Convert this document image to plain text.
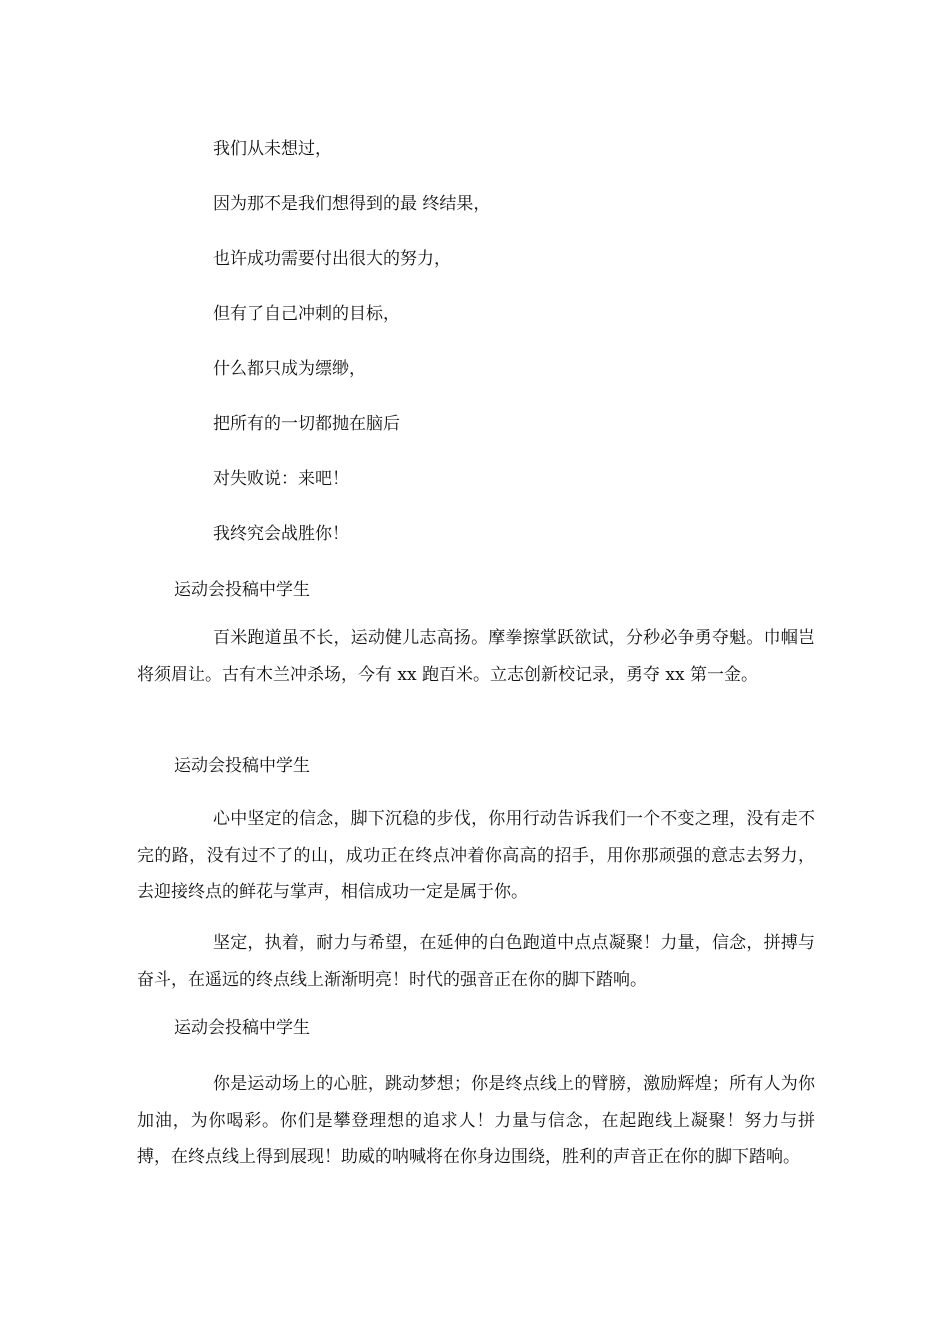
我们从未想过，
因为那不是我们想得到的最 终结果，
也许成功需要付出很大的努力，
但有了自己冲刺的目标，
什么都只成为缥缈，
把所有的一切都抛在脑后
对失败说：来吧！
我终究会战胜你！
运动会投稿中学生

百米跑道虽不长，运动健儿志高扬。摩拳擦掌跃欲试，分秒必争勇夺魁。巾帼岂将须眉让。古有木兰冲杀场，今有 xx 跑百米。立志创新校记录，勇夺 xx 第一金。

运动会投稿中学生

心中坚定的信念，脚下沉稳的步伐，你用行动告诉我们一个不变之理，没有走不完的路，没有过不了的山，成功正在终点冲着你高高的招手，用你那顽强的意志去努力，去迎接终点的鲜花与掌声，相信成功一定是属于你。

坚定，执着，耐力与希望，在延伸的白色跑道中点点凝聚！力量，信念，拼搏与奋斗，在遥远的终点线上渐渐明亮！时代的强音正在你的脚下踏响。

运动会投稿中学生

你是运动场上的心脏，跳动梦想；你是终点线上的臂膀，激励辉煌；所有人为你加油，为你喝彩。你们是攀登理想的追求人！力量与信念，在起跑线上凝聚！努力与拼搏，在终点线上得到展现！助威的呐喊将在你身边围绕，胜利的声音正在你的脚下踏响。
